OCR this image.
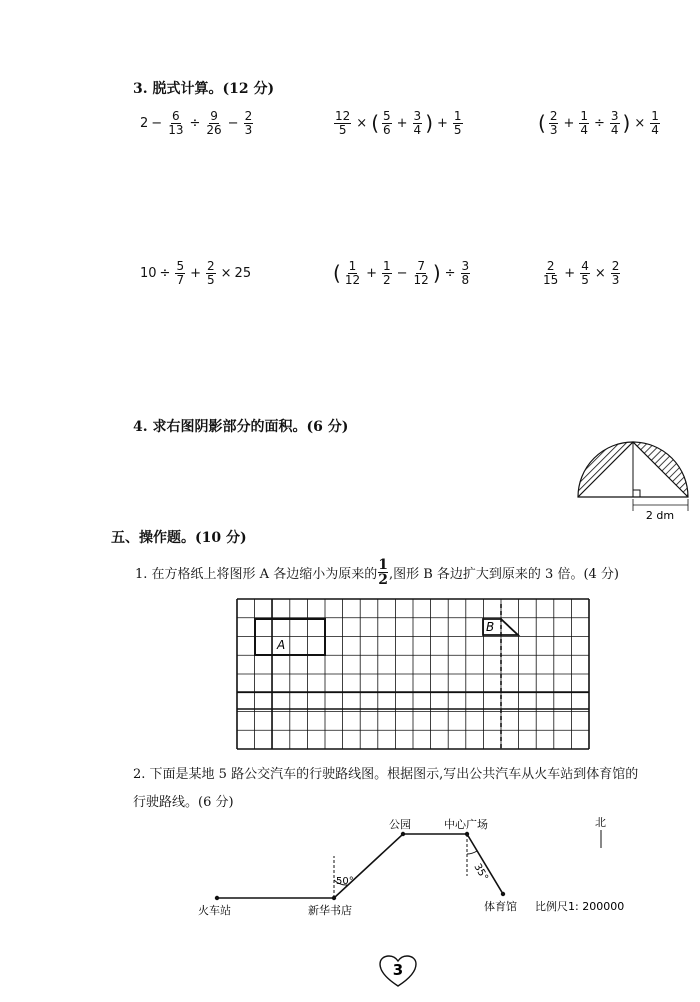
3. 脱式计算。(12 分)
$2 - \frac{6}{13} \div \frac{9}{26} - \frac{2}{3}$	$\frac{12}{5}$ × ( $\frac{5}{6} + \frac{3}{4}$ ) + $\frac{1}{5}$	( $\frac{2}{3} + \frac{1}{4} \div \frac{3}{4}$ ) × $\frac{1}{4}$
$10 \div \frac{5}{7} + \frac{2}{5} \times 25$	( $\frac{1}{12} + \frac{1}{2} - \frac{7}{12}$ ) ÷ $\frac{3}{8}$	$\frac{2}{15} + \frac{4}{5} \times \frac{2}{3}$
4. 求右图阴影部分的面积。(6 分)
2 dm
五、操作题。(10 分)
1. 在方格纸上将图形 A 各边缩小为原来的
1
2 ,图形 B 各边扩大到原来的 3 倍。(4 分)
A
B
2. 下面是某地 5 路公交汽车的行驶路线图。根据图示,写出公共汽车从火车站到体育馆的
行驶路线。(6 分)
50°	35°
北
火车站	新华书店
公园	中心广场
体育馆 比例尺1: 200000
3
